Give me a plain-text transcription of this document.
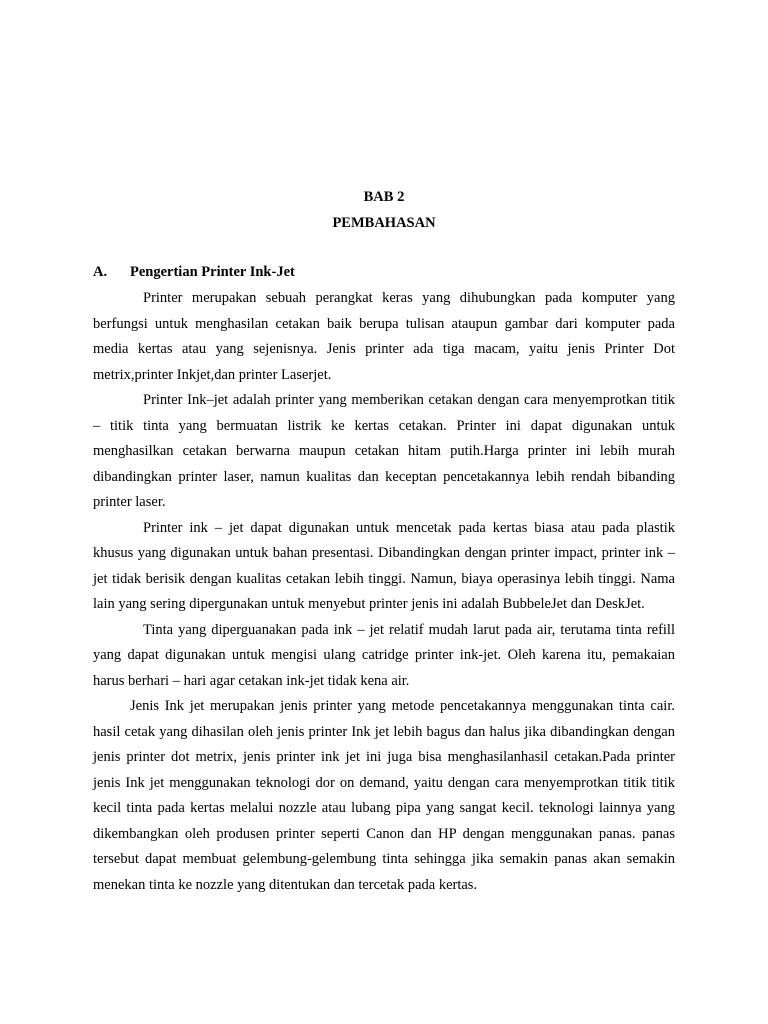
BAB 2
PEMBAHASAN
A. Pengertian Printer Ink-Jet

Printer merupakan sebuah perangkat keras yang dihubungkan pada komputer yang berfungsi untuk menghasilan cetakan baik berupa tulisan ataupun gambar dari komputer pada media kertas atau yang sejenisnya. Jenis printer ada tiga macam, yaitu jenis Printer Dot metrix,printer Inkjet,dan printer Laserjet.

Printer Ink–jet adalah printer yang memberikan cetakan dengan cara menyemprotkan titik – titik tinta yang bermuatan listrik ke kertas cetakan. Printer ini dapat digunakan untuk menghasilkan cetakan berwarna maupun cetakan hitam putih.Harga printer ini lebih murah dibandingkan printer laser, namun kualitas dan keceptan pencetakannya lebih rendah bibanding printer laser.

Printer ink – jet dapat digunakan untuk mencetak pada kertas biasa atau pada plastik khusus yang digunakan untuk bahan presentasi. Dibandingkan dengan printer impact, printer ink – jet tidak berisik dengan kualitas cetakan lebih tinggi. Namun, biaya operasinya lebih tinggi. Nama lain yang sering dipergunakan untuk menyebut printer jenis ini adalah BubbeleJet dan DeskJet.

Tinta yang diperguanakan pada ink – jet relatif mudah larut pada air, terutama tinta refill yang dapat digunakan untuk mengisi ulang catridge printer ink-jet. Oleh karena itu, pemakaian harus berhari – hari agar cetakan ink-jet tidak kena air.

Jenis Ink jet merupakan jenis printer yang metode pencetakannya menggunakan tinta cair. hasil cetak yang dihasilan oleh jenis printer Ink jet lebih bagus dan halus jika dibandingkan dengan jenis printer dot metrix, jenis printer ink jet ini juga bisa menghasilanhasil cetakan.Pada printer jenis Ink jet menggunakan teknologi dor on demand, yaitu dengan cara menyemprotkan titik titik kecil tinta pada kertas melalui nozzle atau lubang pipa yang sangat kecil. teknologi lainnya yang dikembangkan oleh produsen printer seperti Canon dan HP dengan menggunakan panas. panas tersebut dapat membuat gelembung-gelembung tinta sehingga jika semakin panas akan semakin menekan tinta ke nozzle yang ditentukan dan tercetak pada kertas.
